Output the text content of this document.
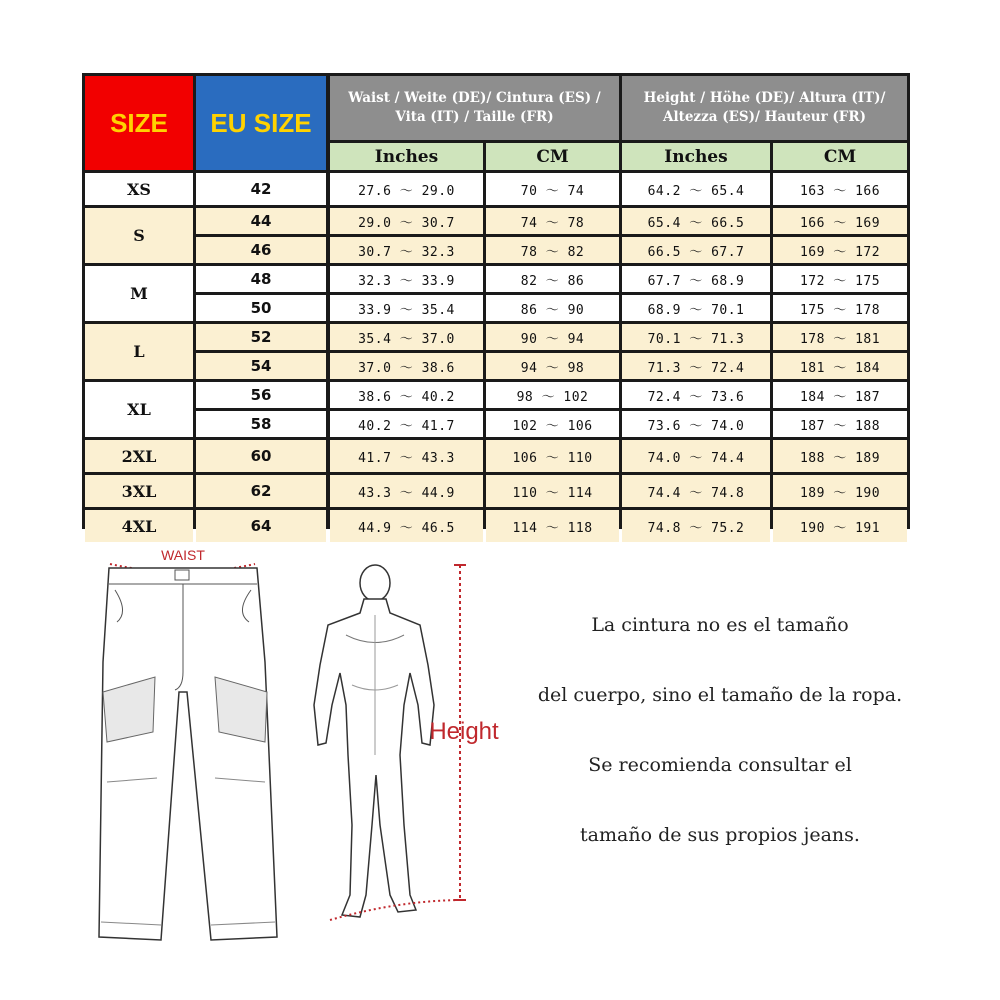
SIZE	EU SIZE
Waist / Weite (DE)/ Cintura (ES) / Vita (IT) / Taille (FR)
Height / Höhe (DE)/ Altura (IT)/ Altezza (ES)/ Hauteur (FR)
Inches	CM	Inches	CM
XS	42	27.6 ～ 29.0	70 ～ 74	64.2 ～ 65.4	163 ～ 166
S
44	29.0 ～ 30.7	74 ～ 78	65.4 ～ 66.5	166 ～ 169
46	30.7 ～ 32.3	78 ～ 82	66.5 ～ 67.7	169 ～ 172
M
48	32.3 ～ 33.9	82 ～ 86	67.7 ～ 68.9	172 ～ 175
50	33.9 ～ 35.4	86 ～ 90	68.9 ～ 70.1	175 ～ 178
L
52	35.4 ～ 37.0	90 ～ 94	70.1 ～ 71.3	178 ～ 181
54	37.0 ～ 38.6	94 ～ 98	71.3 ～ 72.4	181 ～ 184
XL
56	38.6 ～ 40.2	98 ～ 102	72.4 ～ 73.6	184 ～ 187
58	40.2 ～ 41.7	102 ～ 106	73.6 ～ 74.0	187 ～ 188
2XL	60	41.7 ～ 43.3	106 ～ 110	74.0 ～ 74.4	188 ～ 189
3XL	62	43.3 ～ 44.9	110 ～ 114	74.4 ～ 74.8	189 ～ 190
4XL	64	44.9 ～ 46.5	114 ～ 118	74.8 ～ 75.2	190 ～ 191
WAIST
Height
La cintura no es el tamaño
del cuerpo, sino el tamaño de la ropa.
Se recomienda consultar el
tamaño de sus propios jeans.
